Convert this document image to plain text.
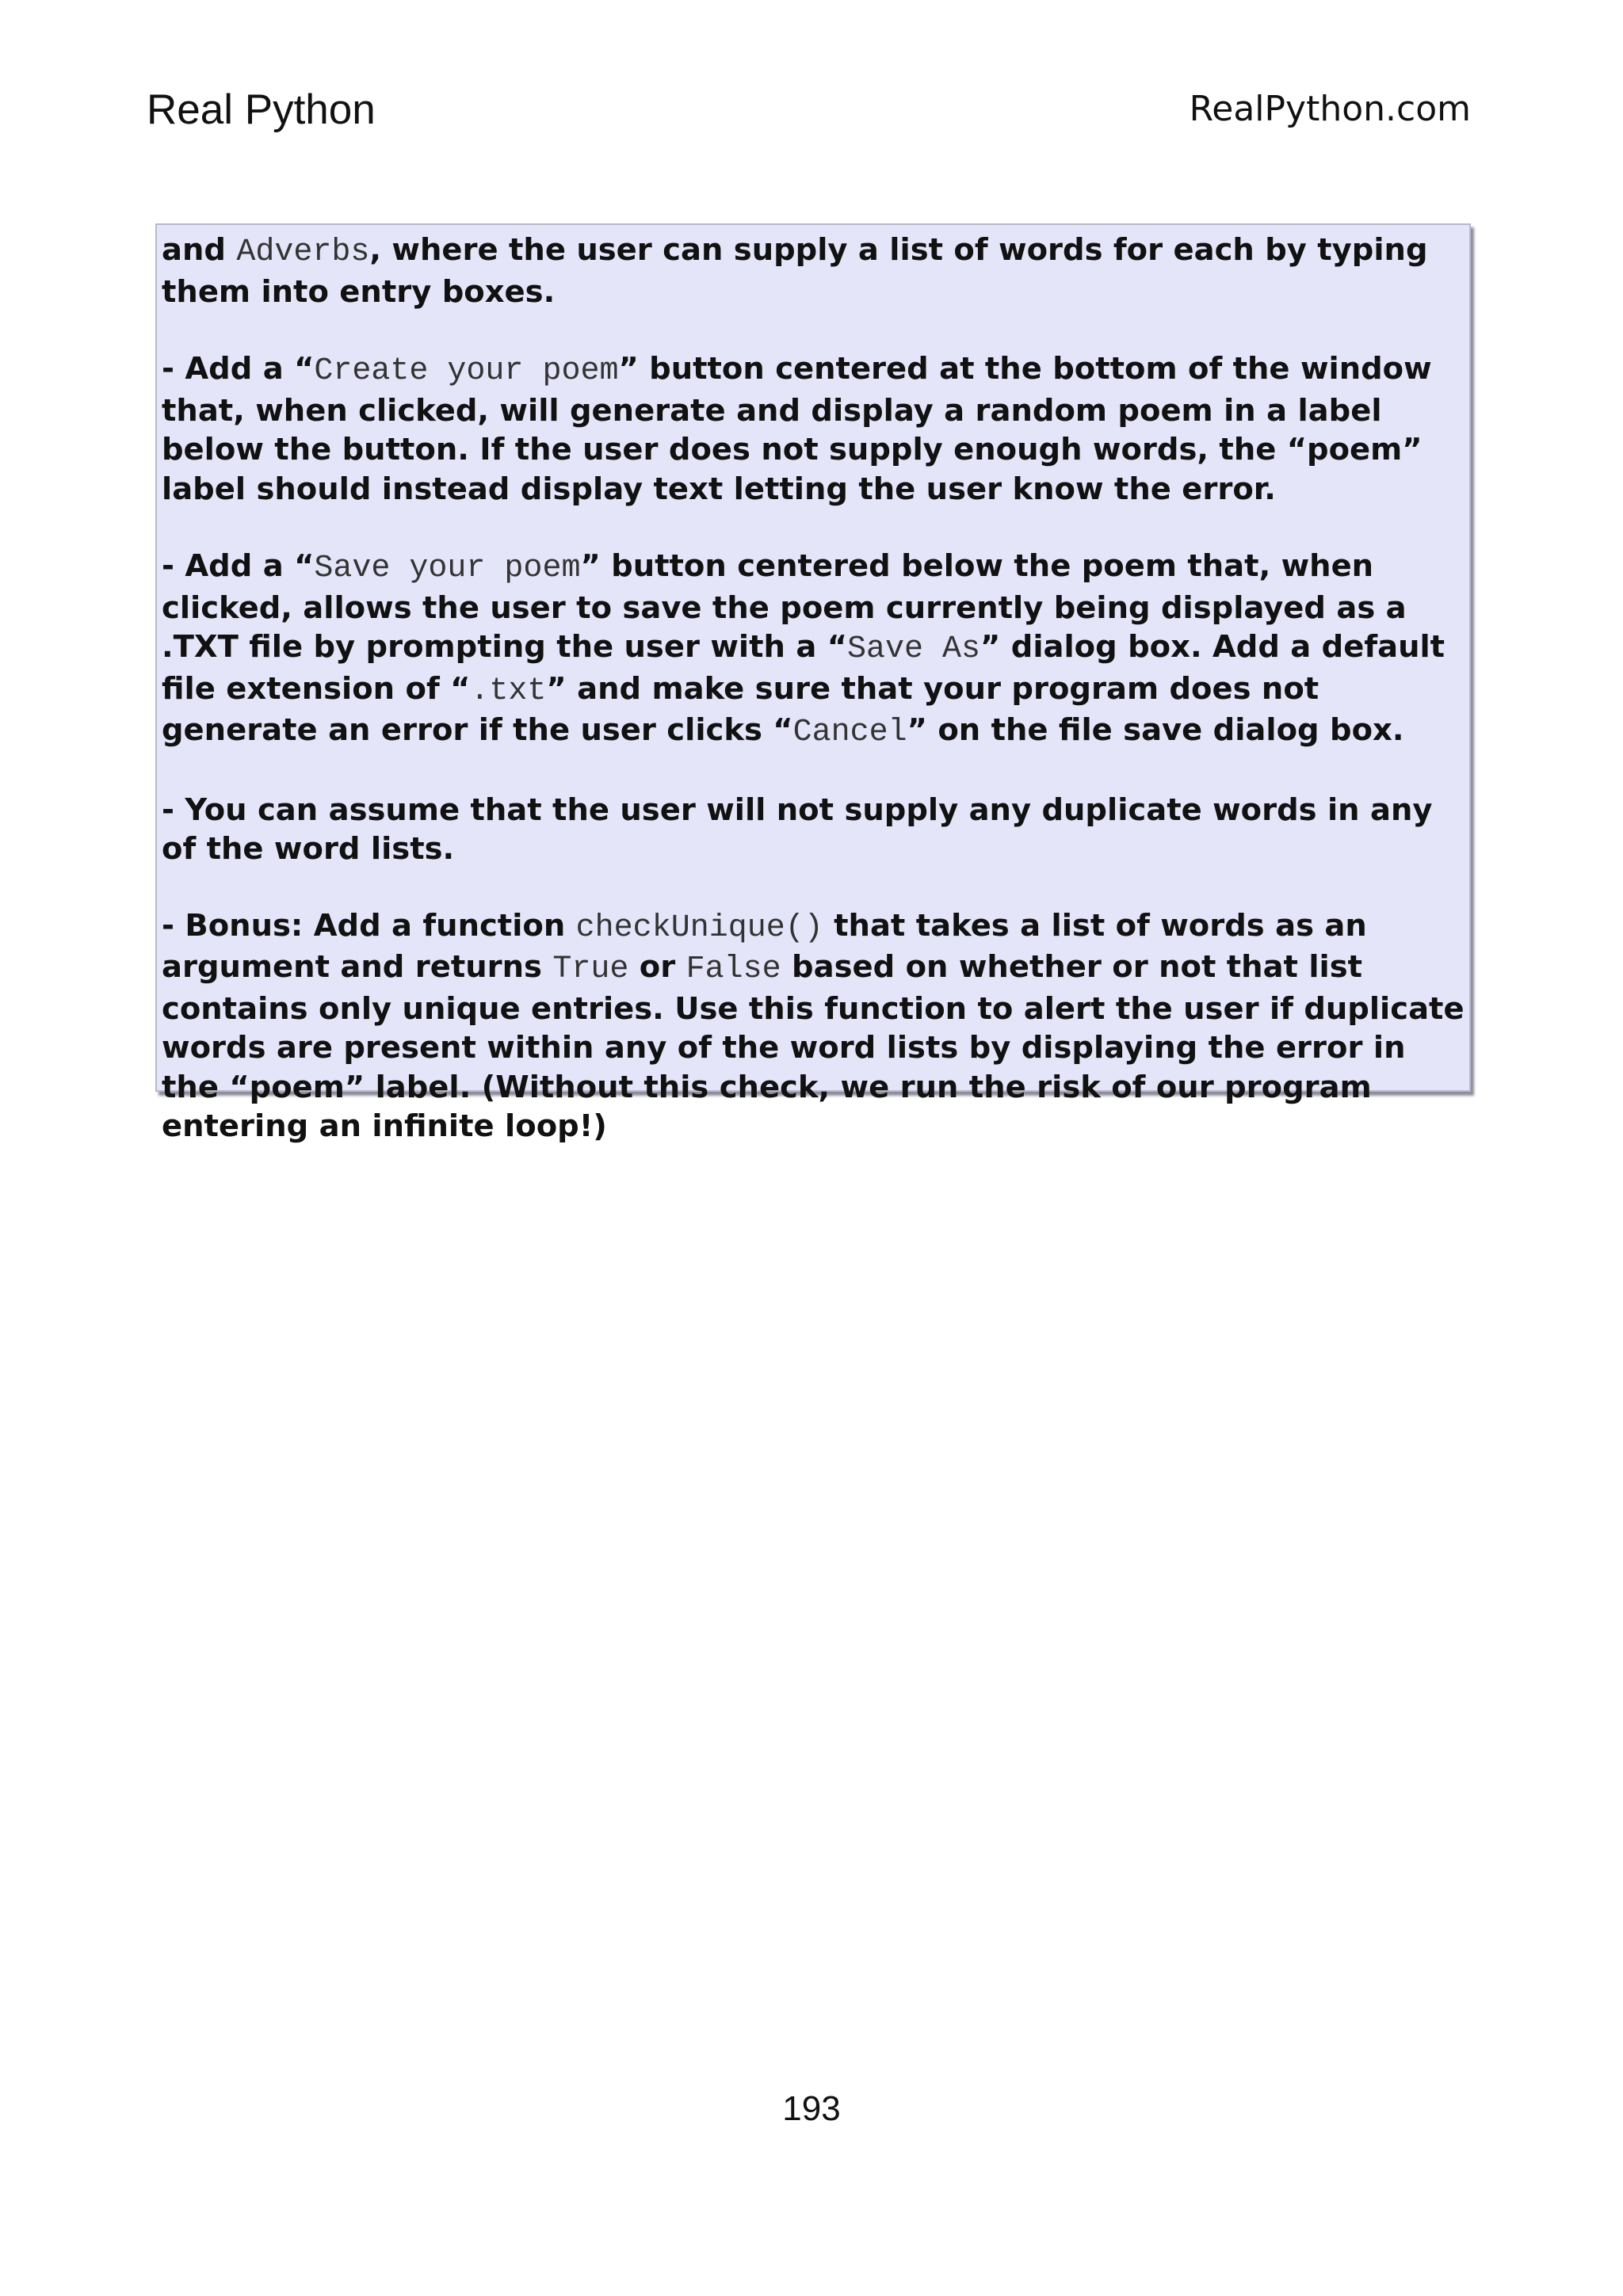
Real Python	RealPython.com

and Adverbs, where the user can supply a list of words for each by typing them into entry boxes.

- Add a “Create your poem” button centered at the bottom of the window that, when clicked, will generate and display a random poem in a label below the button. If the user does not supply enough words, the “poem” label should instead display text letting the user know the error.

- Add a “Save your poem” button centered below the poem that, when clicked, allows the user to save the poem currently being displayed as a .TXT file by prompting the user with a “Save As” dialog box. Add a default file extension of “.txt” and make sure that your program does not generate an error if the user clicks “Cancel” on the file save dialog box.

- You can assume that the user will not supply any duplicate words in any of the word lists.

- Bonus: Add a function checkUnique() that takes a list of words as an argument and returns True or False based on whether or not that list contains only unique entries. Use this function to alert the user if duplicate words are present within any of the word lists by displaying the error in the “poem” label. (Without this check, we run the risk of our program entering an infinite loop!)

193
